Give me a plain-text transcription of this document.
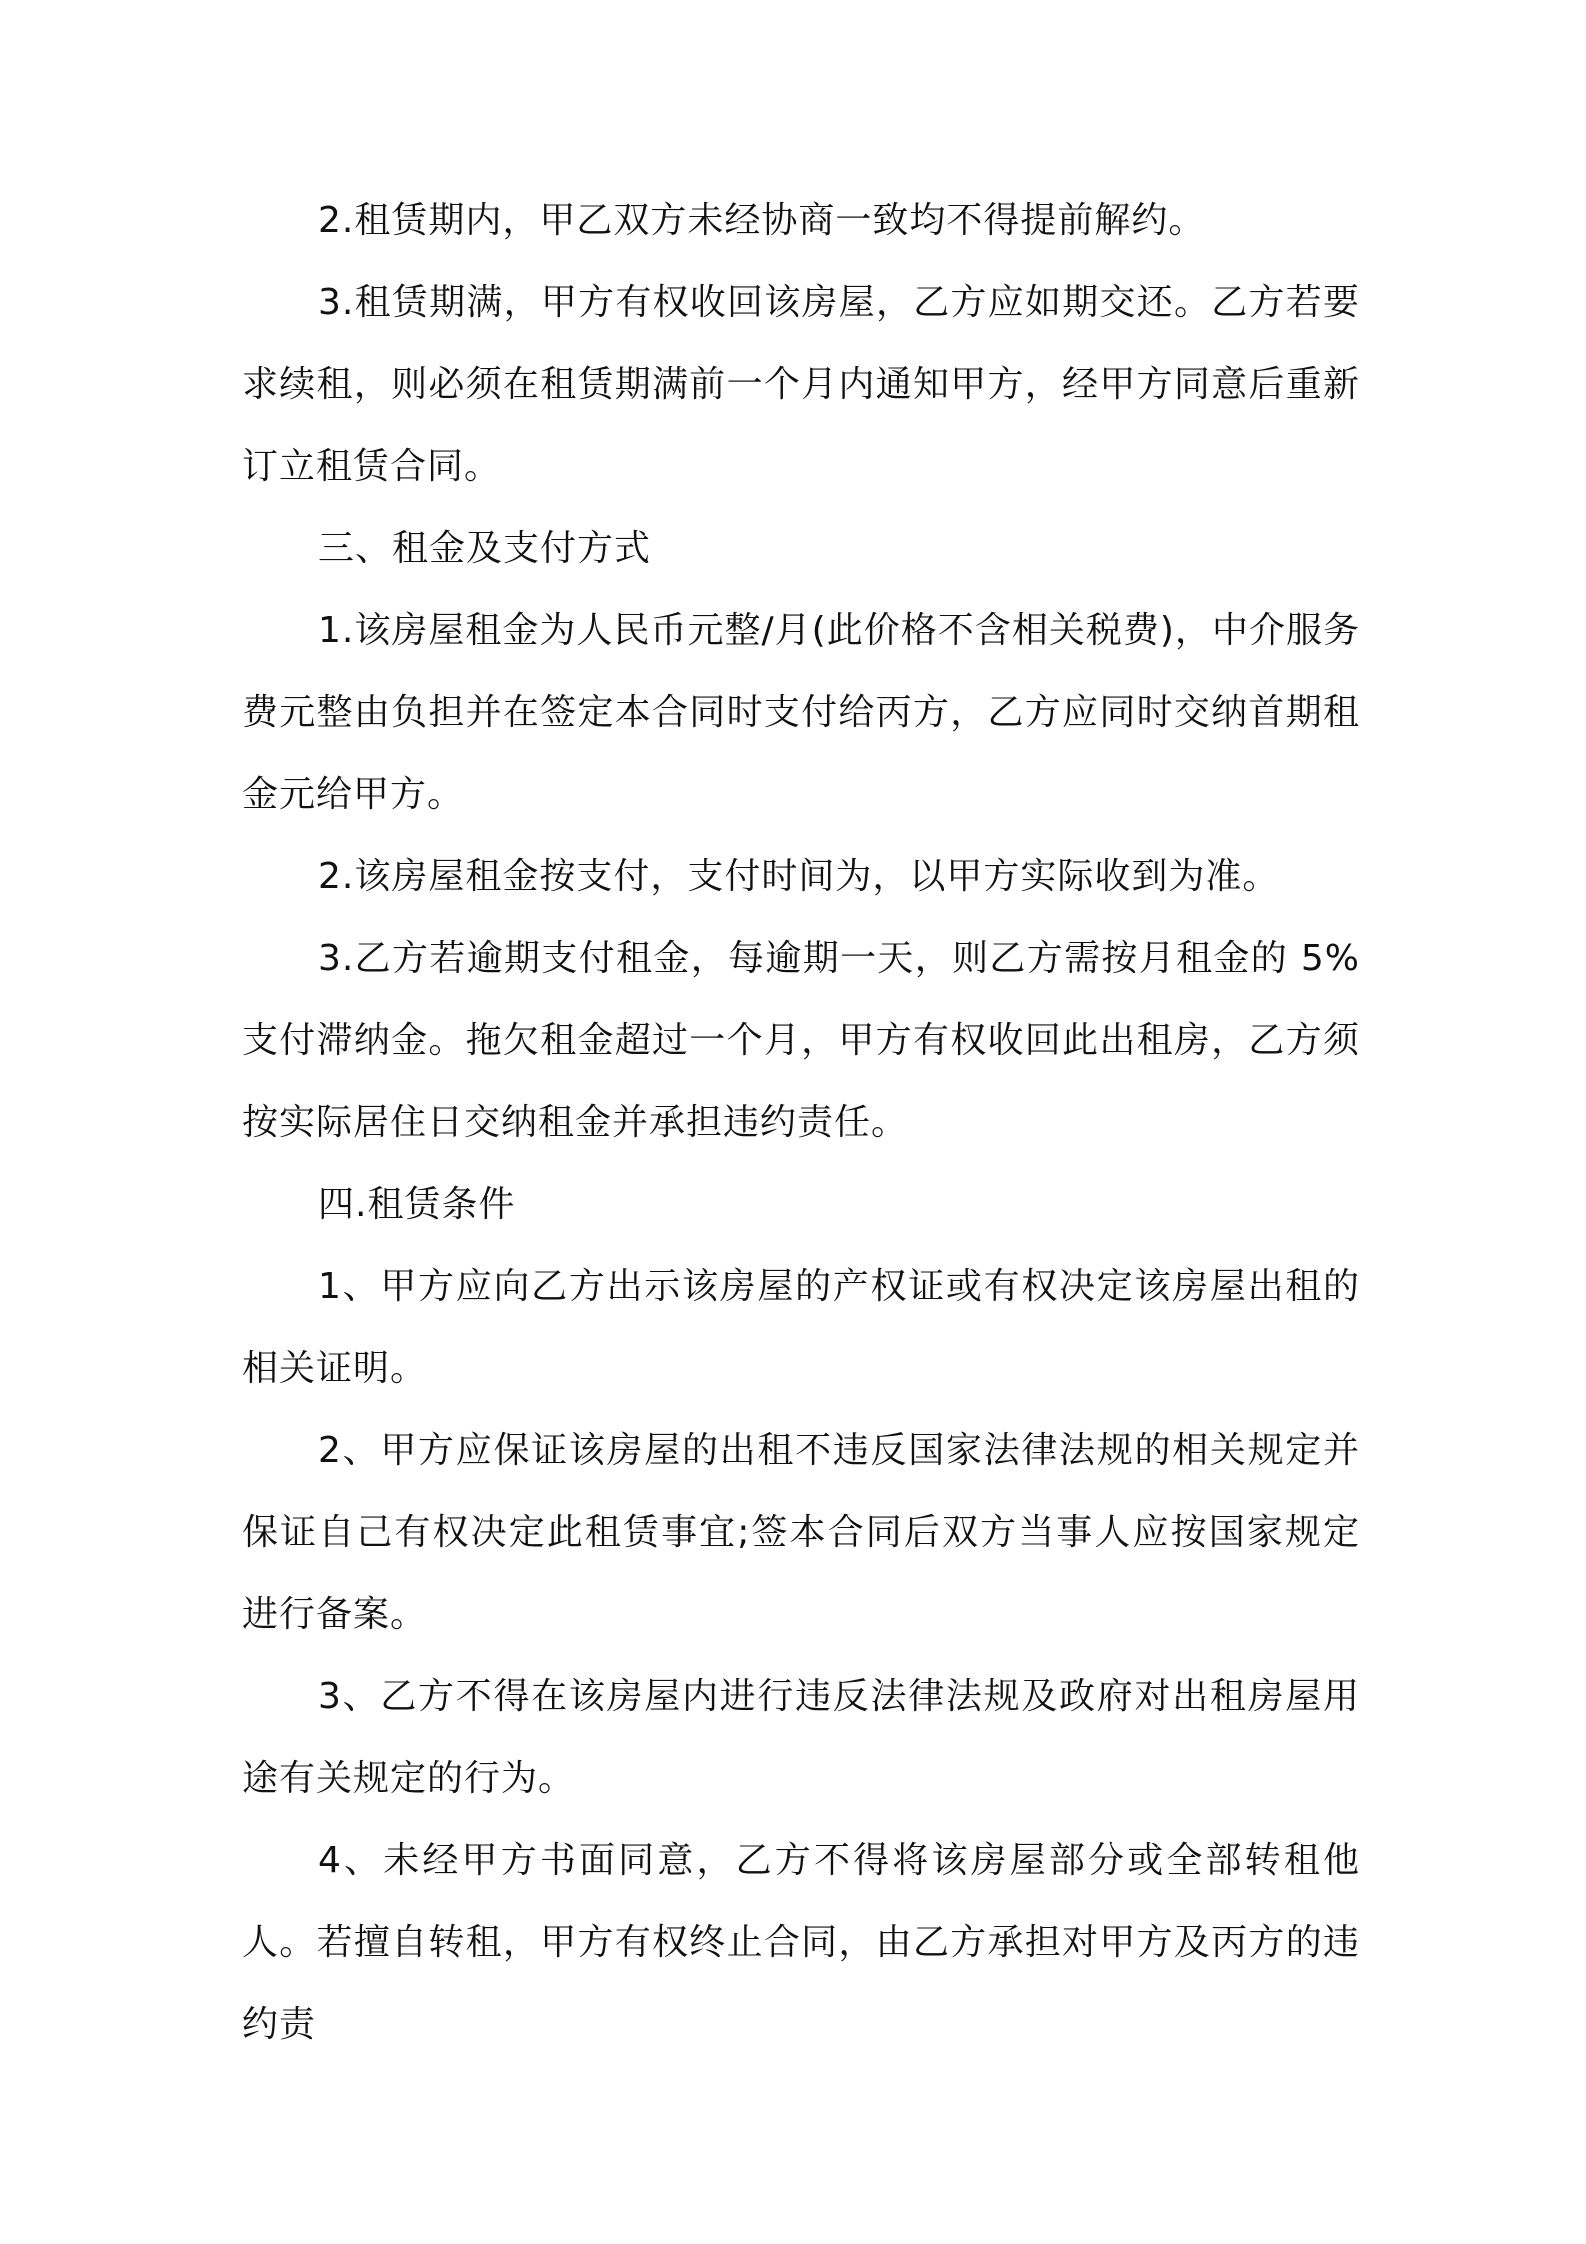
2.租赁期内，甲乙双方未经协商一致均不得提前解约。

3.租赁期满，甲方有权收回该房屋，乙方应如期交还。乙方若要求续租，则必须在租赁期满前一个月内通知甲方，经甲方同意后重新订立租赁合同。

三、租金及支付方式

1.该房屋租金为人民币元整/月(此价格不含相关税费)，中介服务费元整由负担并在签定本合同时支付给丙方，乙方应同时交纳首期租金元给甲方。

2.该房屋租金按支付，支付时间为，以甲方实际收到为准。

3.乙方若逾期支付租金，每逾期一天，则乙方需按月租金的 5%支付滞纳金。拖欠租金超过一个月，甲方有权收回此出租房，乙方须按实际居住日交纳租金并承担违约责任。

四.租赁条件

1、甲方应向乙方出示该房屋的产权证或有权决定该房屋出租的相关证明。

2、甲方应保证该房屋的出租不违反国家法律法规的相关规定并保证自己有权决定此租赁事宜;签本合同后双方当事人应按国家规定进行备案。

3、乙方不得在该房屋内进行违反法律法规及政府对出租房屋用途有关规定的行为。

4、未经甲方书面同意，乙方不得将该房屋部分或全部转租他人。若擅自转租，甲方有权终止合同，由乙方承担对甲方及丙方的违约责
